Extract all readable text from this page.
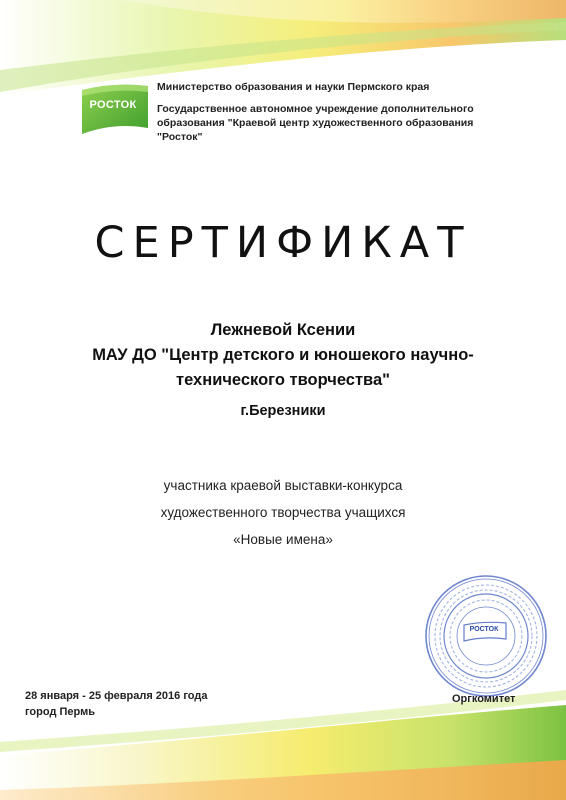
РОСТОК
Министерство образования и науки Пермского края
Государственное автономное учреждение дополнительного
образования "Краевой центр художественного образования
"Росток"
СЕРТИФИКАТ
Лежневой Ксении
МАУ ДО "Центр детского и юношекого научно-
технического творчества"
г.Березники
участника краевой выставки-конкурса
художественного творчества учащихся
«Новые имена»
РОСТОК
28 января - 25 февраля 2016 года
город Пермь
Оргкомитет
